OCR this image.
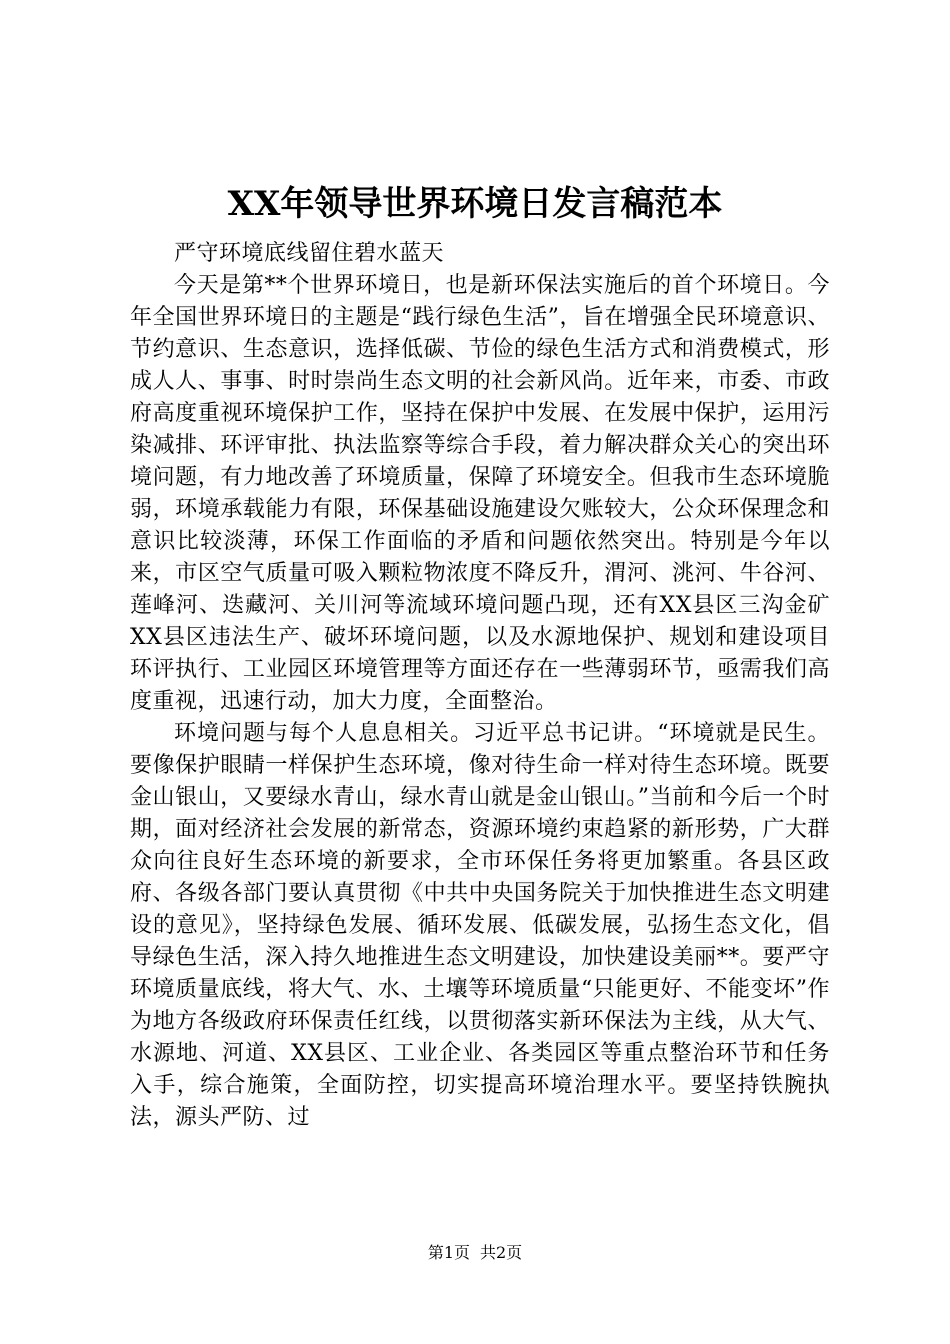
XX年领导世界环境日发言稿范本

严守环境底线留住碧水蓝天

今天是第**个世界环境日，也是新环保法实施后的首个环境日。今年全国世界环境日的主题是“践行绿色生活”，旨在增强全民环境意识、节约意识、生态意识，选择低碳、节俭的绿色生活方式和消费模式，形成人人、事事、时时崇尚生态文明的社会新风尚。近年来，市委、市政府高度重视环境保护工作，坚持在保护中发展、在发展中保护，运用污染减排、环评审批、执法监察等综合手段，着力解决群众关心的突出环境问题，有力地改善了环境质量，保障了环境安全。但我市生态环境脆弱，环境承载能力有限，环保基础设施建设欠账较大，公众环保理念和意识比较淡薄，环保工作面临的矛盾和问题依然突出。特别是今年以来，市区空气质量可吸入颗粒物浓度不降反升，渭河、洮河、牛谷河、莲峰河、迭藏河、关川河等流域环境问题凸现，还有XX县区三沟金矿XX县区违法生产、破坏环境问题，以及水源地保护、规划和建设项目环评执行、工业园区环境管理等方面还存在一些薄弱环节，亟需我们高度重视，迅速行动，加大力度，全面整治。

环境问题与每个人息息相关。习近平总书记讲。“环境就是民生。要像保护眼睛一样保护生态环境，像对待生命一样对待生态环境。既要金山银山，又要绿水青山，绿水青山就是金山银山。”当前和今后一个时期，面对经济社会发展的新常态，资源环境约束趋紧的新形势，广大群众向往良好生态环境的新要求，全市环保任务将更加繁重。各县区政府、各级各部门要认真贯彻《中共中央国务院关于加快推进生态文明建设的意见》，坚持绿色发展、循环发展、低碳发展，弘扬生态文化，倡导绿色生活，深入持久地推进生态文明建设，加快建设美丽**。要严守环境质量底线，将大气、水、土壤等环境质量“只能更好、不能变坏”作为地方各级政府环保责任红线，以贯彻落实新环保法为主线，从大气、水源地、河道、XX县区、工业企业、各类园区等重点整治环节和任务入手，综合施策，全面防控，切实提高环境治理水平。要坚持铁腕执法，源头严防、过

第1页 共2页
